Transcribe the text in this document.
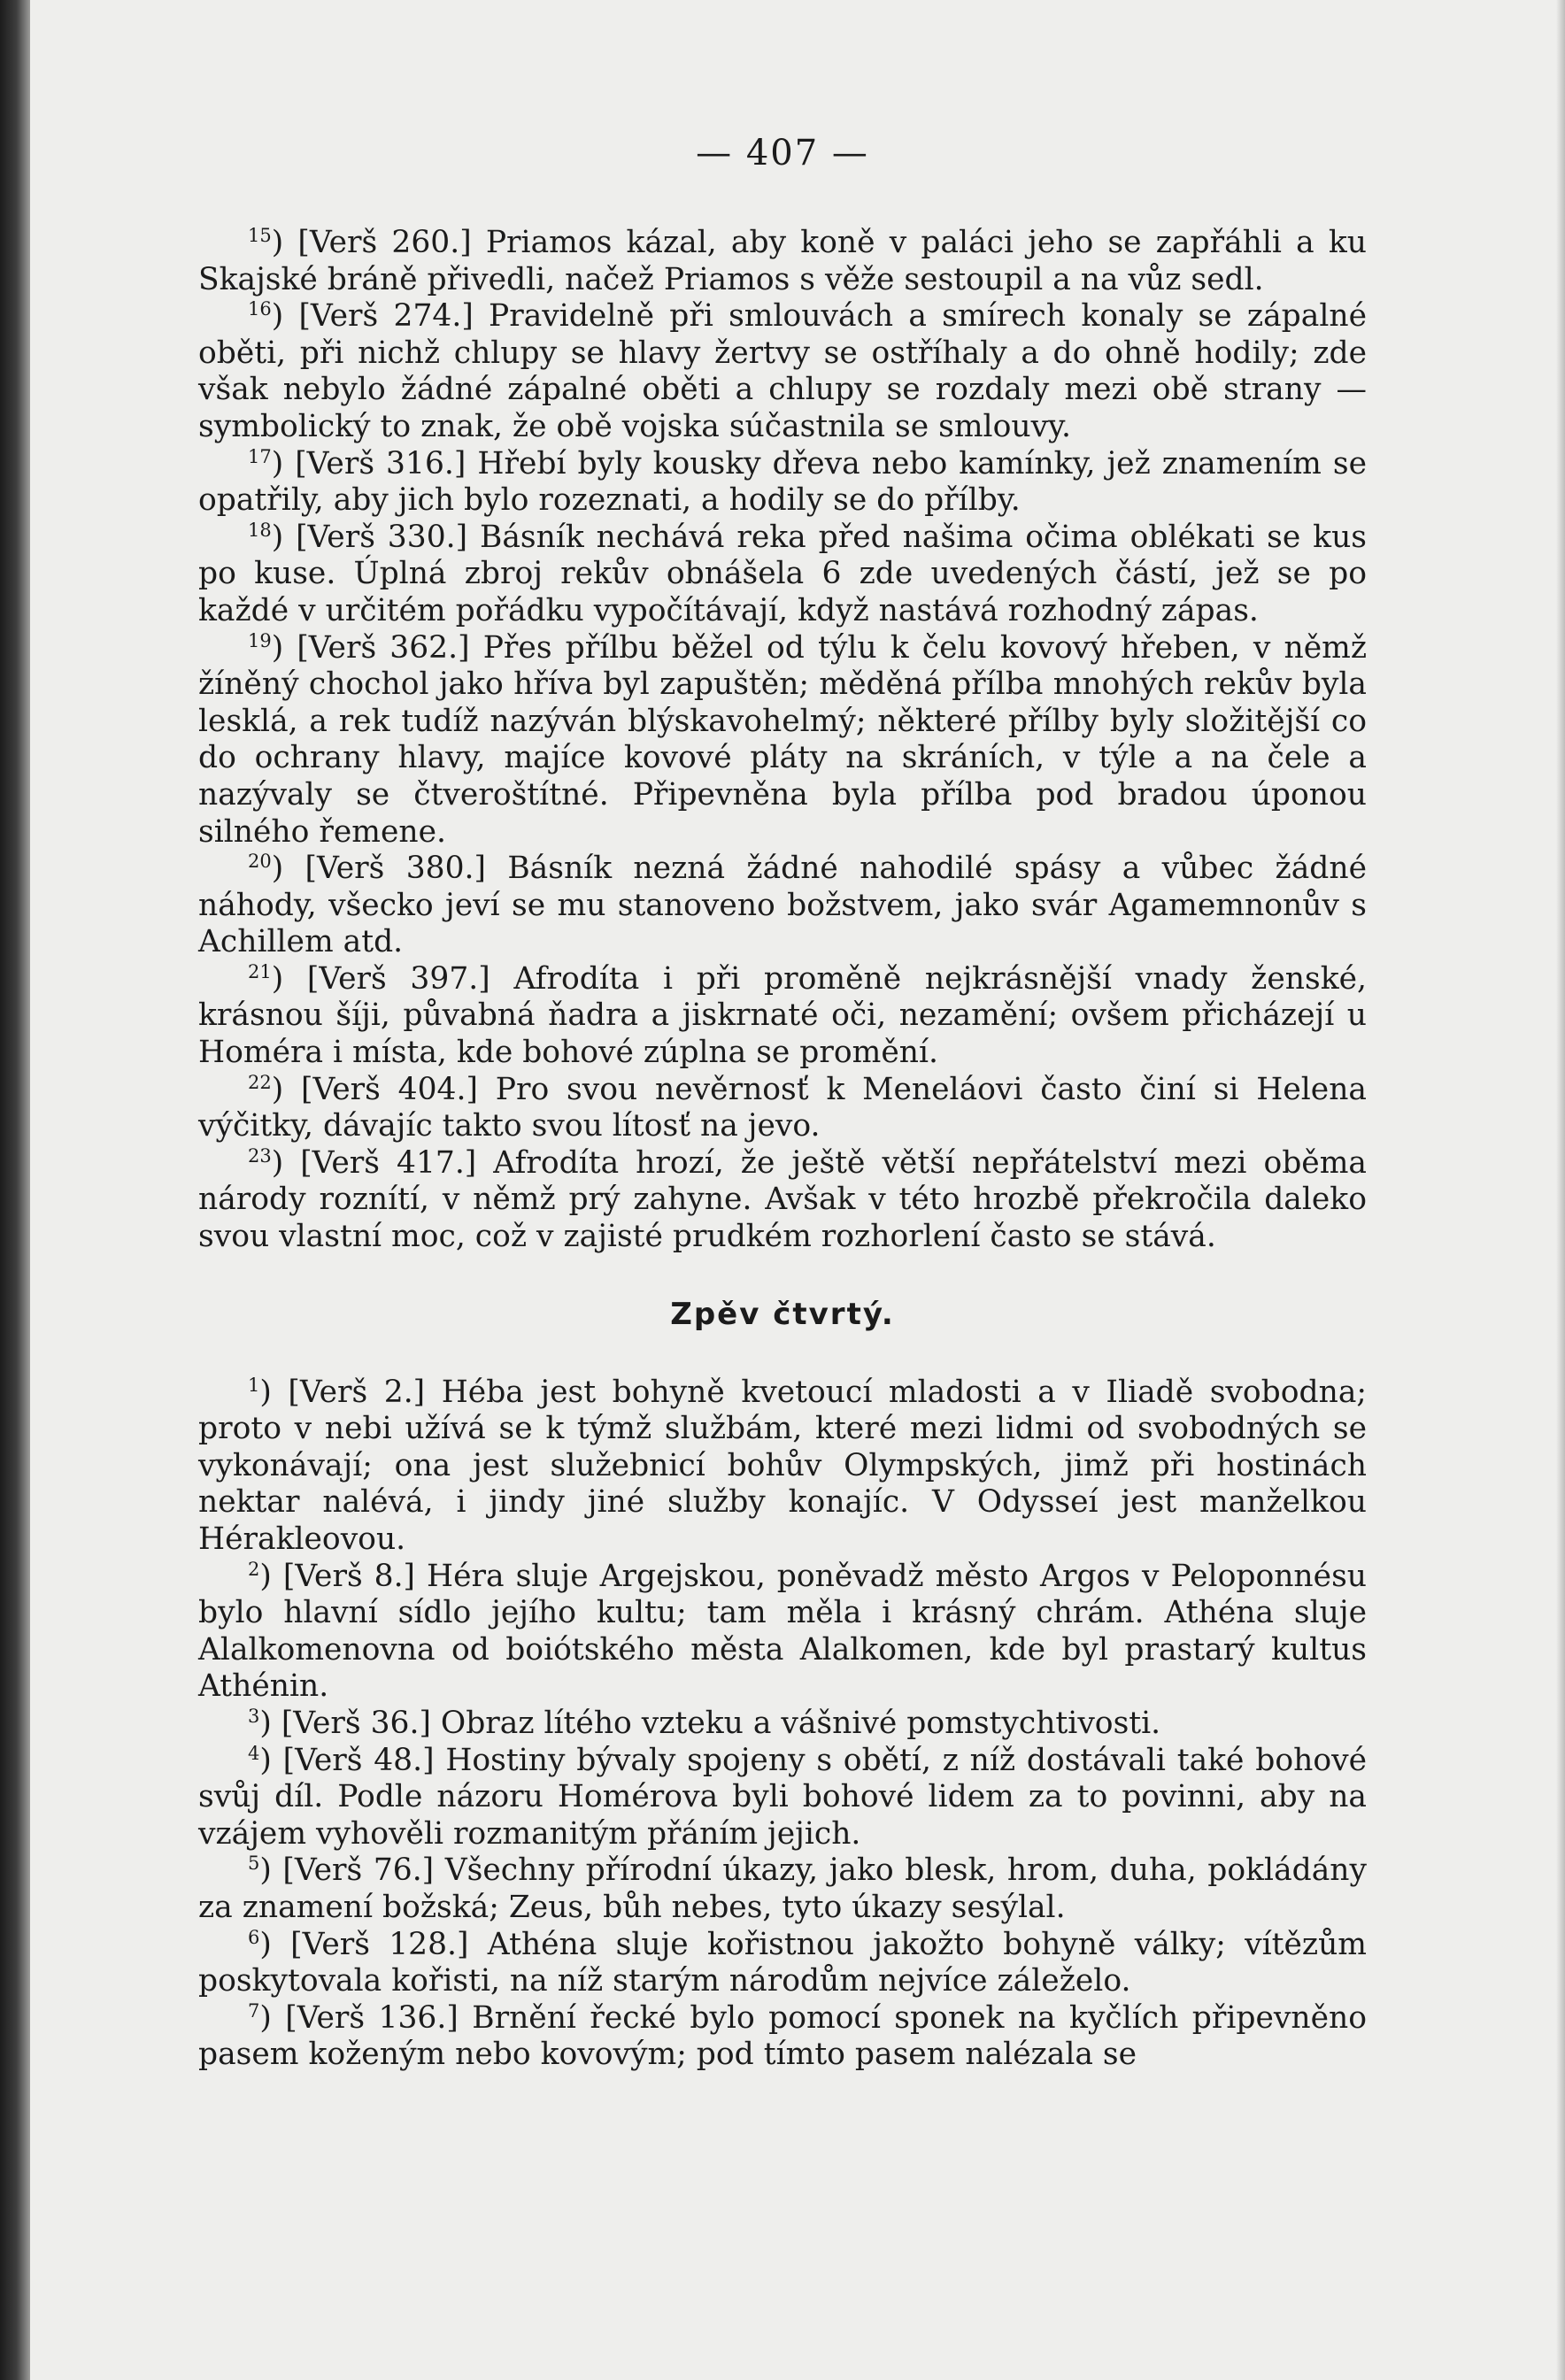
— 407 —

$^{15}$) [Verš 260.] Priamos kázal, aby koně v paláci jeho se zapřáhli a ku Skajské bráně přivedli, načež Priamos s věže sestoupil a na vůz sedl.

$^{16}$) [Verš 274.] Pravidelně při smlouvách a smírech konaly se zápalné oběti, při nichž chlupy se hlavy žertvy se ostříhaly a do ohně hodily; zde však nebylo žádné zápalné oběti a chlupy se rozdaly mezi obě strany — symbolický to znak, že obě vojska súčastnila se smlouvy.

$^{17}$) [Verš 316.] Hřebí byly kousky dřeva nebo kamínky, jež znamením se opatřily, aby jich bylo rozeznati, a hodily se do přílby.

$^{18}$) [Verš 330.] Básník nechává reka před našima očima oblékati se kus po kuse. Úplná zbroj rekův obnášela 6 zde uvedených částí, jež se po každé v určitém pořádku vypočítávají, když nastává rozhodný zápas.

$^{19}$) [Verš 362.] Přes přílbu běžel od týlu k čelu kovový hřeben, v němž žíněný chochol jako hříva byl zapuštěn; měděná přílba mnohých rekův byla lesklá, a rek tudíž nazýván blýskavohelmý; některé přílby byly složitější co do ochrany hlavy, majíce kovové pláty na skráních, v týle a na čele a nazývaly se čtveroštítné. Připevněna byla přílba pod bradou úponou silného řemene.

$^{20}$) [Verš 380.] Básník nezná žádné nahodilé spásy a vůbec žádné náhody, všecko jeví se mu stanoveno božstvem, jako svár Agamemnonův s Achillem atd.

$^{21}$) [Verš 397.] Afrodíta i při proměně nejkrásnější vnady ženské, krásnou šíji, půvabná ňadra a jiskrnaté oči, nezamění; ovšem přicházejí u Homéra i místa, kde bohové zúplna se promění.

$^{22}$) [Verš 404.] Pro svou nevěrnosť k Meneláovi často činí si Helena výčitky, dávajíc takto svou lítosť na jevo.

$^{23}$) [Verš 417.] Afrodíta hrozí, že ještě větší nepřátelství mezi oběma národy roznítí, v němž prý zahyne. Avšak v této hrozbě překročila daleko svou vlastní moc, což v zajisté prudkém rozhorlení často se stává.

Zpěv čtvrtý.

$^1$) [Verš 2.] Héba jest bohyně kvetoucí mladosti a v Iliadě svobodna; proto v nebi užívá se k týmž službám, které mezi lidmi od svobodných se vykonávají; ona jest služebnicí bohův Olympských, jimž při hostinách nektar nalévá, i jindy jiné služby konajíc. V Odysseí jest manželkou Hérakleovou.

$^2$) [Verš 8.] Héra sluje Argejskou, poněvadž město Argos v Peloponnésu bylo hlavní sídlo jejího kultu; tam měla i krásný chrám. Athéna sluje Alalkomenovna od boiótského města Alalkomen, kde byl prastarý kultus Athénin.

$^3$) [Verš 36.] Obraz lítého vzteku a vášnivé pomstychtivosti.

$^4$) [Verš 48.] Hostiny bývaly spojeny s obětí, z níž dostávali také bohové svůj díl. Podle názoru Homérova byli bohové lidem za to povinni, aby na vzájem vyhověli rozmanitým přáním jejich.

$^5$) [Verš 76.] Všechny přírodní úkazy, jako blesk, hrom, duha, pokládány za znamení božská; Zeus, bůh nebes, tyto úkazy sesýlal.

$^6$) [Verš 128.] Athéna sluje kořistnou jakožto bohyně války; vítězům poskytovala kořisti, na níž starým národům nejvíce záleželo.

$^7$) [Verš 136.] Brnění řecké bylo pomocí sponek na kyčlích připevněno pasem koženým nebo kovovým; pod tímto pasem nalézala se
